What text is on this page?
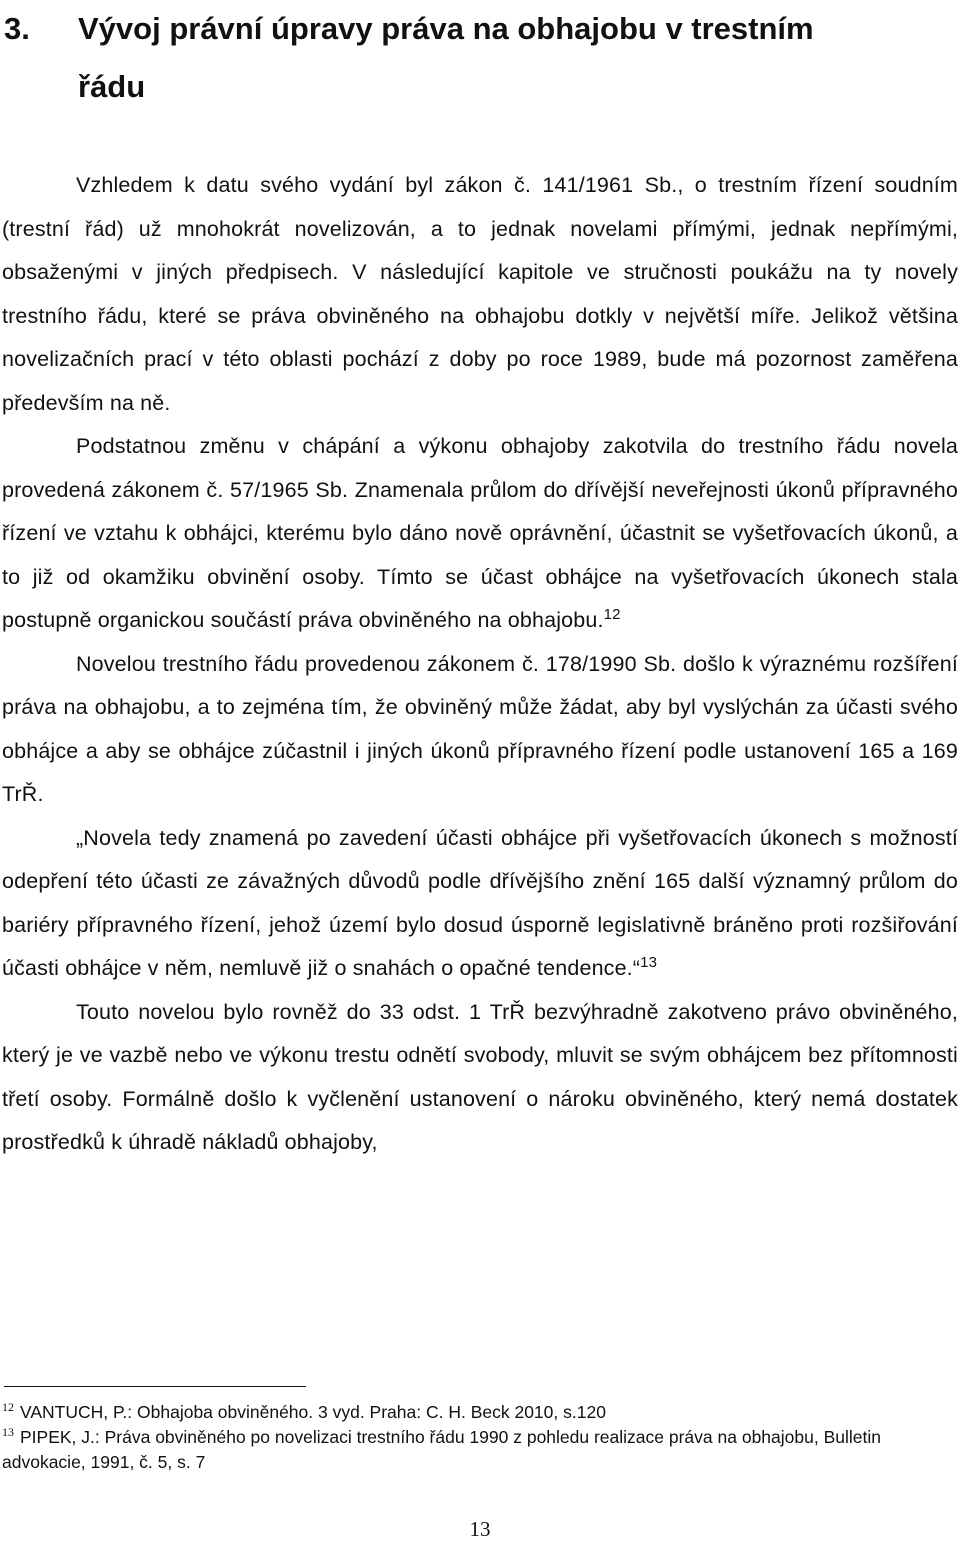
3. Vývoj právní úpravy práva na obhajobu v trestním
řádu

Vzhledem k datu svého vydání byl zákon č. 141/1961 Sb., o trestním řízení soudním (trestní řád) už mnohokrát novelizován, a to jednak novelami přímými, jednak nepřímými, obsaženými v jiných předpisech. V následující kapitole ve stručnosti poukážu na ty novely trestního řádu, které se práva obviněného na obhajobu dotkly v největší míře. Jelikož většina novelizačních prací v této oblasti pochází z doby po roce 1989, bude má pozornost zaměřena především na ně.

Podstatnou změnu v chápání a výkonu obhajoby zakotvila do trestního řádu novela provedená zákonem č. 57/1965 Sb. Znamenala průlom do dřívější neveřejnosti úkonů přípravného řízení ve vztahu k obhájci, kterému bylo dáno nově oprávnění, účastnit se vyšetřovacích úkonů, a to již od okamžiku obvinění osoby. Tímto se účast obhájce na vyšetřovacích úkonech stala postupně organickou součástí práva obviněného na obhajobu.$^{12}$

Novelou trestního řádu provedenou zákonem č. 178/1990 Sb. došlo k výraznému rozšíření práva na obhajobu, a to zejména tím, že obviněný může žádat, aby byl vyslýchán za účasti svého obhájce a aby se obhájce zúčastnil i jiných úkonů přípravného řízení podle ustanovení 165 a 169 TrŘ.

„Novela tedy znamená po zavedení účasti obhájce při vyšetřovacích úkonech s možností odepření této účasti ze závažných důvodů podle dřívějšího znění 165 další významný průlom do bariéry přípravného řízení, jehož území bylo dosud úsporně legislativně bráněno proti rozšiřování účasti obhájce v něm, nemluvě již o snahách o opačné tendence.“$^{13}$

Touto novelou bylo rovněž do 33 odst. 1 TrŘ bezvýhradně zakotveno právo obviněného, který je ve vazbě nebo ve výkonu trestu odnětí svobody, mluvit se svým obhájcem bez přítomnosti třetí osoby. Formálně došlo k vyčlenění ustanovení o nároku obviněného, který nemá dostatek prostředků k úhradě nákladů obhajoby,

$^{12}$ VANTUCH, P.: Obhajoba obviněného. 3 vyd. Praha: C. H. Beck 2010, s.120

$^{13}$ PIPEK, J.: Práva obviněného po novelizaci trestního řádu 1990 z pohledu realizace práva na obhajobu, Bulletin advokacie, 1991, č. 5, s. 7

13
